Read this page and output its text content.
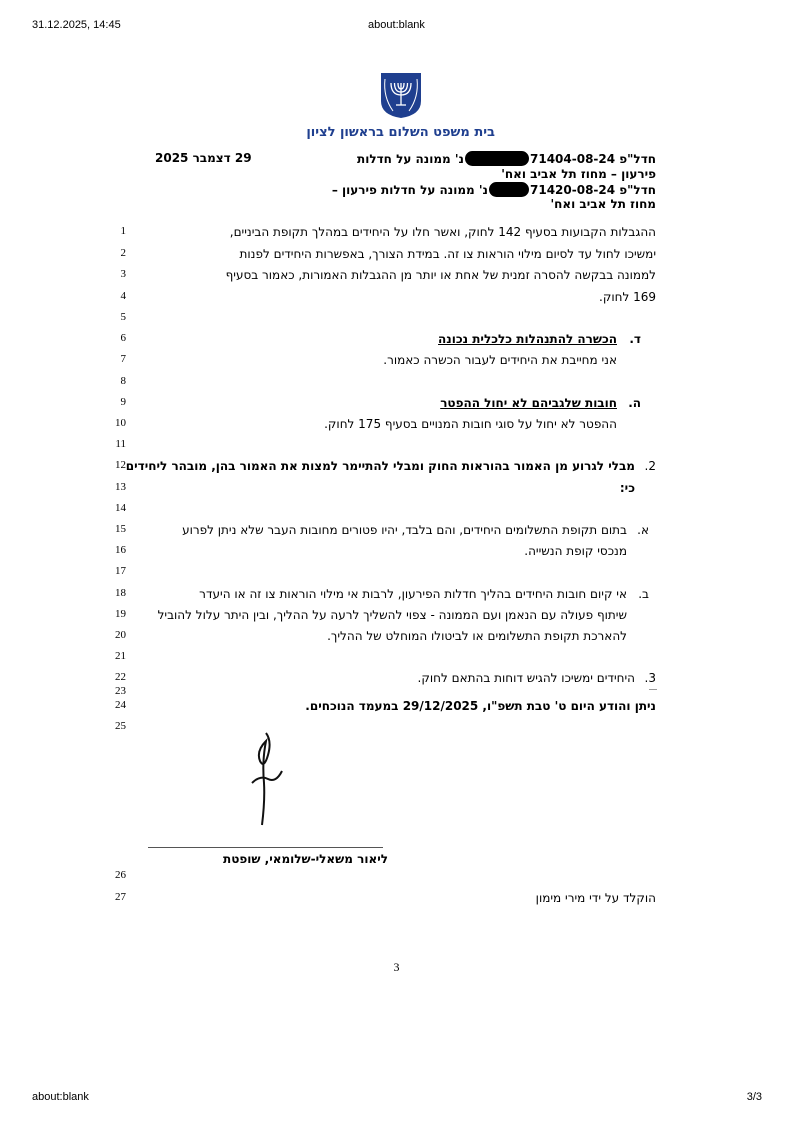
31.12.2025, 14:45	about:blank
about:blank	3/3
בית משפט השלום בראשון לציון
חדל"פ 71404-08-24נ' ממונה על חדלות
29 דצמבר 2025
פירעון – מחוז תל אביב ואח'
חדל"פ 71420-08-24נ' ממונה על חדלות פירעון –
מחוז תל אביב ואח'
1
2
3
4
5
6
7
8
9
10
11
12
13
14
15
16
17
18
19
20
21
22
23
24
25
26
27
ההגבלות הקבועות בסעיף 142 לחוק, ואשר חלו על היחידים במהלך תקופת הביניים,
ימשיכו לחול עד לסיום מילוי הוראות צו זה. במידת הצורך, באפשרות היחידים לפנות
לממונה בבקשה להסרה זמנית של אחת או יותר מן ההגבלות האמורות, כאמור בסעיף
169 לחוק.
ד.
הכשרה להתנהלות כלכלית נכונה
אני מחייבת את היחידים לעבור הכשרה כאמור.
ה.
חובות שלגביהם לא יחול ההפטר
ההפטר לא יחול על סוגי חובות המנויים בסעיף 175 לחוק.
2.
מבלי לגרוע מן האמור בהוראות החוק ומבלי להתיימר למצות את האמור בהן, מובהר ליחידים
כי:
א.
בתום תקופת התשלומים היחידים, והם בלבד, יהיו פטורים מחובות העבר שלא ניתן לפרוע
מנכסי קופת הנשייה.
ב.
אי קיום חובות היחידים בהליך חדלות הפירעון, לרבות אי מילוי הוראות צו זה או היעדר
שיתוף פעולה עם הנאמן ועם הממונה - צפוי להשליך לרעה על ההליך, ובין היתר עלול להוביל
להארכת תקופת התשלומים או לביטולו המוחלט של ההליך.
3.
היחידים ימשיכו להגיש דוחות בהתאם לחוק.
ניתן והודע היום ט' טבת תשפ"ו, 29/12/2025 במעמד הנוכחים.
ליאור משאלי-שלומאי, שופטת
הוקלד על ידי מירי מימון
3
